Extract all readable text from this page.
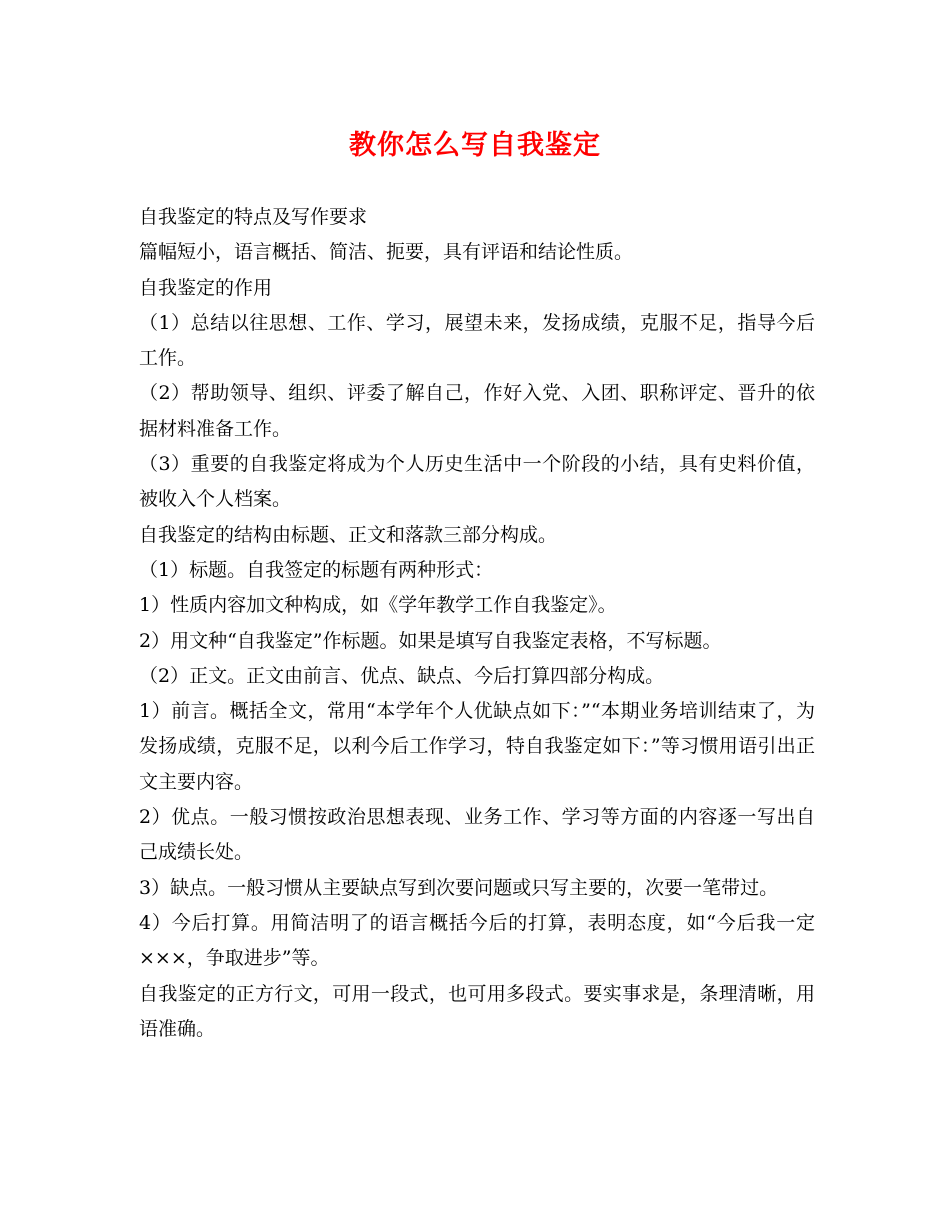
教你怎么写自我鉴定

自我鉴定的特点及写作要求

篇幅短小，语言概括、简洁、扼要，具有评语和结论性质。

自我鉴定的作用

（1）总结以往思想、工作、学习，展望未来，发扬成绩，克服不足，指导今后工作。

（2）帮助领导、组织、评委了解自己，作好入党、入团、职称评定、晋升的依据材料准备工作。

（3）重要的自我鉴定将成为个人历史生活中一个阶段的小结，具有史料价值，被收入个人档案。

自我鉴定的结构由标题、正文和落款三部分构成。

（1）标题。自我签定的标题有两种形式：

1）性质内容加文种构成，如《学年教学工作自我鉴定》。

2）用文种“自我鉴定”作标题。如果是填写自我鉴定表格，不写标题。

（2）正文。正文由前言、优点、缺点、今后打算四部分构成。

1）前言。概括全文，常用“本学年个人优缺点如下：”“本期业务培训结束了，为发扬成绩，克服不足，以利今后工作学习，特自我鉴定如下：”等习惯用语引出正文主要内容。

2）优点。一般习惯按政治思想表现、业务工作、学习等方面的内容逐一写出自己成绩长处。

3）缺点。一般习惯从主要缺点写到次要问题或只写主要的，次要一笔带过。

4）今后打算。用简洁明了的语言概括今后的打算，表明态度，如“今后我一定×××，争取进步”等。

自我鉴定的正方行文，可用一段式，也可用多段式。要实事求是，条理清晰，用语准确。
